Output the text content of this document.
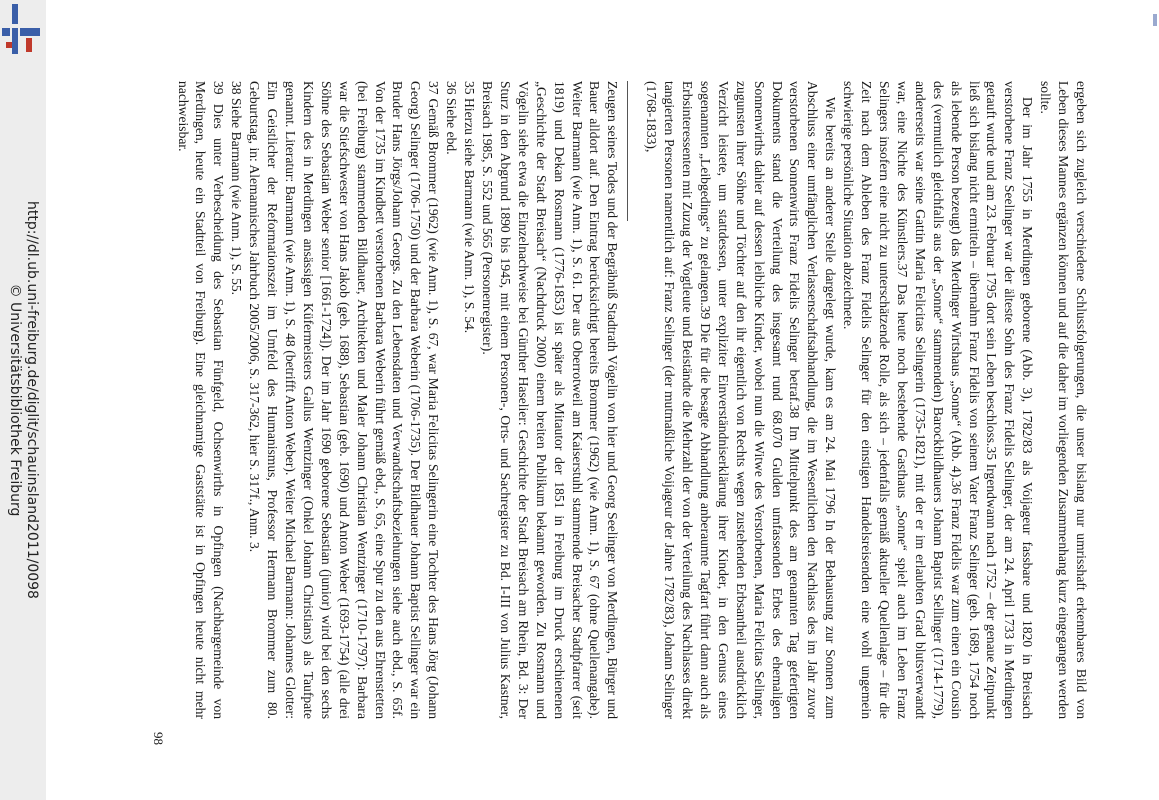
http://dl.ub.uni-freiburg.de/diglit/schauinsland2011/0098
© Universitätsbibliothek Freiburg	ergeben sich zugleich verschiedene Schlussfolgerungen, die unser bislang nur umrisshaft erkennbares Bild von Leben dieses Mannes ergänzen können und auf die daher im vorliegenden Zusammenhang kurz eingegangen werden sollte.

Der im Jahr 1755 in Merdingen geborene (Abb. 3), 1782/83 als Voijageur fassbare und 1820 in Breisach verstorbene Franz Seelinger war der älteste Sohn des Franz Fidelis Selinger, der am 24. April 1733 in Merdingen getauft wurde und am 23. Februar 1795 dort sein Leben beschloss.35 Irgendwann nach 1752 – der genaue Zeitpunkt ließ sich bislang nicht ermitteln – übernahm Franz Fidelis von seinem Vater Franz Selinger (geb. 1689, 1754 noch als lebende Person bezeugt) das Merdinger Wirtshaus „Sonne“ (Abb. 4).36 Franz Fidelis war zum einen ein Cousin des (vermutlich gleichfalls aus der „Sonne“ stammenden) Barockbildhauers Johann Baptist Sellinger (1714-1779), andererseits war seine Gattin Maria Felicitas Selingerin (1735-1821), mit der er im erlaubten Grad blutsverwandt war, eine Nichte des Künstlers.37 Das heute noch bestehende Gasthaus „Sonne“ spielt auch im Leben Franz Selingers insofern eine nicht zu unterschätzende Rolle, als sich – jedenfalls gemäß aktueller Quellenlage – für die Zeit nach dem Ableben des Franz Fidelis Selinger für den einstigen Handelsreisenden eine wohl ungemein schwierige persönliche Situation abzeichnete.

Wie bereits an anderer Stelle dargelegt wurde, kam es am 24. Mai 1796 In der Behausung zur Sonnen zum Abschluss einer umfänglichen Verlassenschaftsabhandlung, die im Wesentlichen den Nachlass des im Jahr zuvor verstorbenen Sonnenwirts Franz Fidelis Selinger betraf.38 Im Mittelpunkt des am genannten Tag gefertigten Dokuments stand die Verteilung des insgesamt rund 68.070 Gulden umfassenden Erbes des ehemaligen Sonnenwirths dahier auf dessen leibliche Kinder, wobei nun die Witwe des Verstorbenen, Maria Felicitas Selinger, zugunsten ihrer Söhne und Töchter auf den ihr eigentlich von Rechts wegen zustehenden Erbsantheil ausdrücklich Verzicht leistete, um stattdessen, unter expliziter Einverständniserklärung ihrer Kinder, in den Genuss eines sogenannten „Leibgedings“ zu gelangen.39 Die für die besagte Abhandlung anberaumte Tagfart führt dann auch als Erbsinteressenten mit Zuzug der Vogtleute und Beiständte die Mehrzahl der von der Verteilung des Nachlasses direkt tangierten Personen namentlich auf: Franz Selinger (der mutmaßliche Voijageur der Jahre 1782/83), Johann Selinger (1768-1833),

Zeugen seines Todes und der Begräbniß Stadtrath Vögelin von hier und Georg Seelinger von Merdingen, Bürger und Bauer alldort auf. Den Eintrag berücksichtigt bereits Brommer (1962) (wie Anm. 1), S. 67 (ohne Quellenangabe). Weiter Barmann (wie Anm. 1), S. 61. Der aus Oberrotweil am Kaiserstuhl stammende Breisacher Stadtpfarrer (seit 1819) und Dekan Rosmann (1776-1853) ist später als Mitautor der 1851 in Freiburg im Druck erschienenen „Geschichte der Stadt Breisach“ (Nachdruck 2000) einem breiten Publikum bekannt geworden. Zu Rosmann und Vögelin siehe etwa die Einzelnachweise bei Günther Haselier: Geschichte der Stadt Breisach am Rhein, Bd. 3: Der Sturz in den Abgrund 1890 bis 1945, mit einem Personen-, Orts- und Sachregister zu Bd. I-III von Julius Kastner, Breisach 1985, S. 552 und 565 (Personenregister).

35 Hierzu siehe Barmann (wie Anm. 1), S. 54.

36 Siehe ebd.

37 Gemäß Brommer (1962) (wie Anm. 1), S. 67, war Maria Felicitas Selingerin eine Tochter des Hans Jörg (Johann Georg) Selinger (1706-1750) und der Barbara Weberin (1706-1735). Der Bildhauer Johann Baptist Sellinger war ein Bruder Hans Jörgs/Johann Georgs. Zu den Lebensdaten und Verwandtschaftsbeziehungen siehe auch ebd., S. 65f. Von der 1735 im Kindbett verstorbenen Barbara Weberin führt gemäß ebd., S. 65, eine Spur zu den aus Ehrenstetten (bei Freiburg) stammenden Bildhauer, Architekten und Maler Johann Christian Wentzinger (1710-1797): Barbara war die Stiefschwester von Hans Jakob (geb. 1688), Sebastian (geb. 1690) und Anton Weber (1693-1754) (alle drei Söhne des Sebastian Weber senior [1661-1724]). Der im Jahr 1690 geborene Sebastian (junior) wird bei den sechs Kindern des in Merdingen ansässigen Küfermeisters Gallus Wentzinger (Onkel Johann Christians) als Taufpate genannt. Literatur: Barmann (wie Anm. 1), S. 48 (betrifft Anton Weber). Weiter Michael Barmann: Johannes Glotter: Ein Geistlicher der Reformationszeit im Umfeld des Humanismus, Professor Hermann Brommer zum 80. Geburtstag, in: Alemannisches Jahrbuch 2005/2006, S. 317-362, hier S. 317f., Anm. 3.

38 Siehe Barmann (wie Anm. 1), S. 55.

39 Dies unter Verbescheidung des Sebastian Fünfgeld, Ochsenwirths in Opfingen (Nachbargemeinde von Merdingen, heute ein Stadtteil von Freiburg). Eine gleichnamige Gaststätte ist in Opfingen heute nicht mehr nachweisbar.

98
